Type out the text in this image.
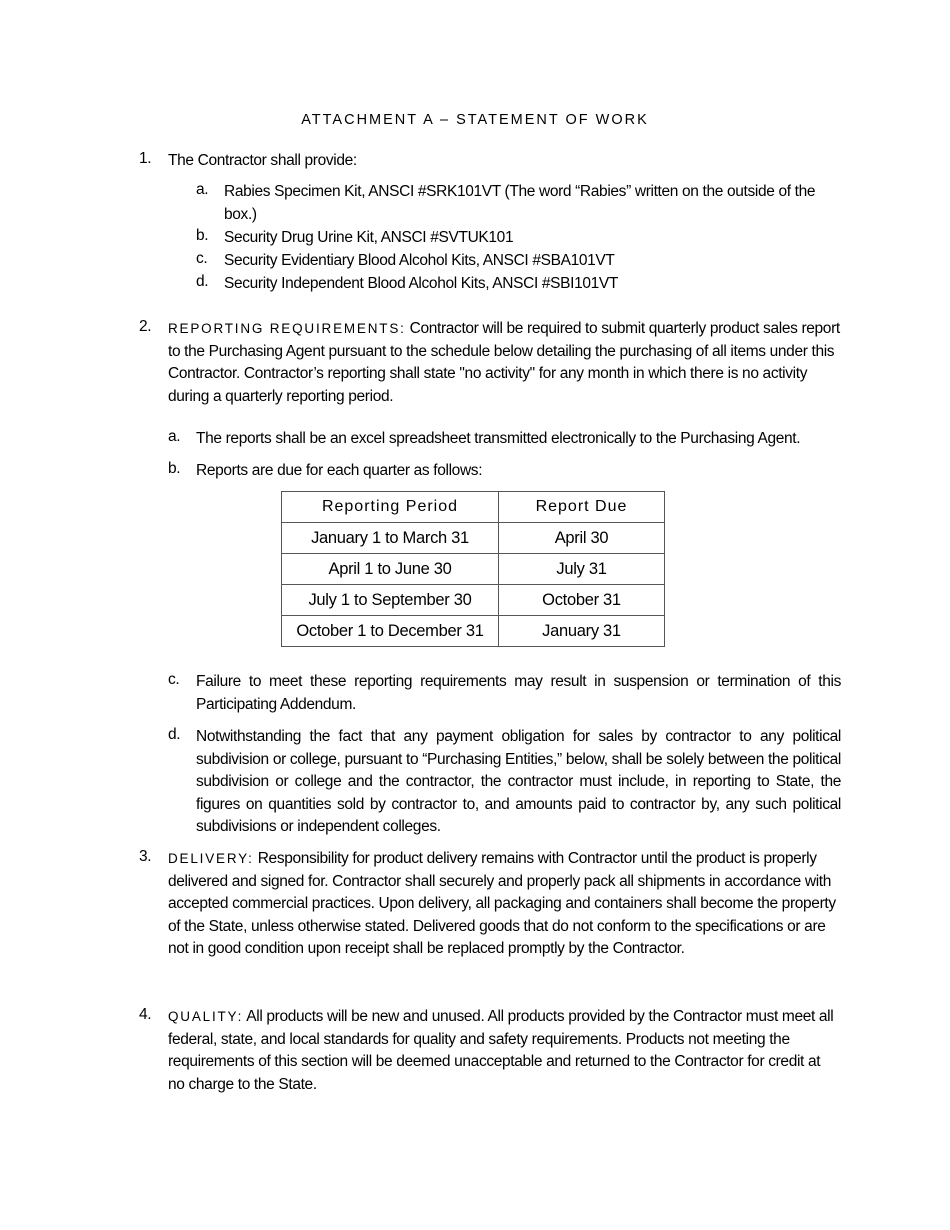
ATTACHMENT A – STATEMENT OF WORK
1. The Contractor shall provide:
a. Rabies Specimen Kit, ANSCI #SRK101VT (The word “Rabies” written on the outside of the box.)
b. Security Drug Urine Kit, ANSCI #SVTUK101
c. Security Evidentiary Blood Alcohol Kits, ANSCI #SBA101VT
d. Security Independent Blood Alcohol Kits, ANSCI #SBI101VT
2. REPORTING REQUIREMENTS: Contractor will be required to submit quarterly product sales report to the Purchasing Agent pursuant to the schedule below detailing the purchasing of all items under this Contractor. Contractor’s reporting shall state "no activity" for any month in which there is no activity during a quarterly reporting period.
a. The reports shall be an excel spreadsheet transmitted electronically to the Purchasing Agent.
b. Reports are due for each quarter as follows:
Reporting Period	Report Due
January 1 to March 31	April 30
April 1 to June 30	July 31
July 1 to September 30	October 31
October 1 to December 31	January 31
c. Failure to meet these reporting requirements may result in suspension or termination of this Participating Addendum.
d. Notwithstanding the fact that any payment obligation for sales by contractor to any political subdivision or college, pursuant to “Purchasing Entities,” below, shall be solely between the political subdivision or college and the contractor, the contractor must include, in reporting to State, the figures on quantities sold by contractor to, and amounts paid to contractor by, any such political subdivisions or independent colleges.
3. DELIVERY: Responsibility for product delivery remains with Contractor until the product is properly delivered and signed for. Contractor shall securely and properly pack all shipments in accordance with accepted commercial practices. Upon delivery, all packaging and containers shall become the property of the State, unless otherwise stated. Delivered goods that do not conform to the specifications or are not in good condition upon receipt shall be replaced promptly by the Contractor.
4. QUALITY: All products will be new and unused. All products provided by the Contractor must meet all federal, state, and local standards for quality and safety requirements. Products not meeting the requirements of this section will be deemed unacceptable and returned to the Contractor for credit at no charge to the State.
